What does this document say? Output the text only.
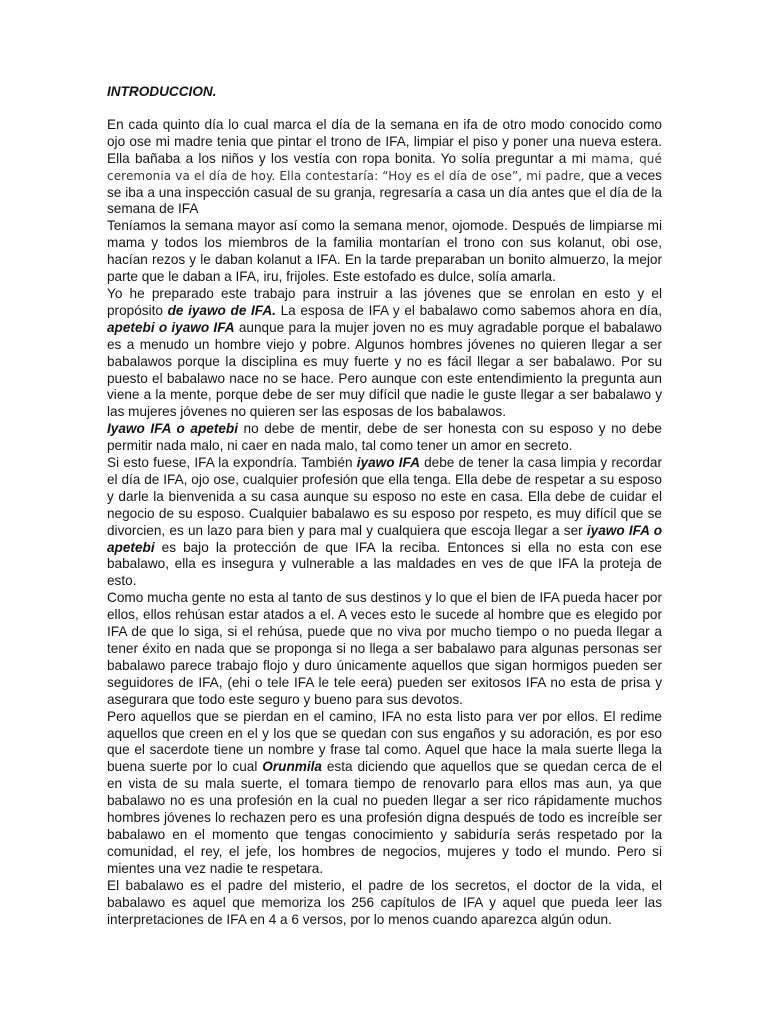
INTRODUCCION.

En cada quinto día lo cual marca el día de la semana en ifa de otro modo conocido como ojo ose mi madre tenia que pintar el trono de IFA, limpiar el piso y poner una nueva estera. Ella bañaba a los niños y los vestía con ropa bonita. Yo solía preguntar a mi mama, qué ceremonia va el día de hoy. Ella contestaría: “Hoy es el día de ose”, mi padre, que a veces se iba a una inspección casual de su granja, regresaría a casa un día antes que el día de la semana de IFA

Teníamos la semana mayor así como la semana menor, ojomode. Después de limpiarse mi mama y todos los miembros de la familia montarían el trono con sus kolanut, obi ose, hacían rezos y le daban kolanut a IFA. En la tarde preparaban un bonito almuerzo, la mejor parte que le daban a IFA, iru, frijoles. Este estofado es dulce, solía amarla.

Yo he preparado este trabajo para instruir a las jóvenes que se enrolan en esto y el propósito de iyawo de IFA. La esposa de IFA y el babalawo como sabemos ahora en día, apetebi o iyawo IFA aunque para la mujer joven no es muy agradable porque el babalawo es a menudo un hombre viejo y pobre. Algunos hombres jóvenes no quieren llegar a ser babalawos porque la disciplina es muy fuerte y no es fácil llegar a ser babalawo. Por su puesto el babalawo nace no se hace. Pero aunque con este entendimiento la pregunta aun viene a la mente, porque debe de ser muy difícil que nadie le guste llegar a ser babalawo y las mujeres jóvenes no quieren ser las esposas de los babalawos.

Iyawo IFA o apetebi no debe de mentir, debe de ser honesta con su esposo y no debe permitir nada malo, ni caer en nada malo, tal como tener un amor en secreto.

Si esto fuese, IFA la expondría. También iyawo IFA debe de tener la casa limpia y recordar el día de IFA, ojo ose, cualquier profesión que ella tenga. Ella debe de respetar a su esposo y darle la bienvenida a su casa aunque su esposo no este en casa. Ella debe de cuidar el negocio de su esposo. Cualquier babalawo es su esposo por respeto, es muy difícil que se divorcien, es un lazo para bien y para mal y cualquiera que escoja llegar a ser iyawo IFA o apetebi es bajo la protección de que IFA la reciba. Entonces si ella no esta con ese babalawo, ella es insegura y vulnerable a las maldades en ves de que IFA la proteja de esto.

Como mucha gente no esta al tanto de sus destinos y lo que el bien de IFA pueda hacer por ellos, ellos rehúsan estar atados a el. A veces esto le sucede al hombre que es elegido por IFA de que lo siga, si el rehúsa, puede que no viva por mucho tiempo o no pueda llegar a tener éxito en nada que se proponga si no llega a ser babalawo para algunas personas ser babalawo parece trabajo flojo y duro únicamente aquellos que sigan hormigos pueden ser seguidores de IFA, (ehi o tele IFA le tele eera) pueden ser exitosos IFA no esta de prisa y asegurara que todo este seguro y bueno para sus devotos.

Pero aquellos que se pierdan en el camino, IFA no esta listo para ver por ellos. El redime aquellos que creen en el y los que se quedan con sus engaños y su adoración, es por eso que el sacerdote tiene un nombre y frase tal como. Aquel que hace la mala suerte llega la buena suerte por lo cual Orunmila esta diciendo que aquellos que se quedan cerca de el en vista de su mala suerte, el tomara tiempo de renovarlo para ellos mas aun, ya que babalawo no es una profesión en la cual no pueden llegar a ser rico rápidamente muchos hombres jóvenes lo rechazen pero es una profesión digna después de todo es increíble ser babalawo en el momento que tengas conocimiento y sabiduría serás respetado por la comunidad, el rey, el jefe, los hombres de negocios, mujeres y todo el mundo. Pero si mientes una vez nadie te respetara.

El babalawo es el padre del misterio, el padre de los secretos, el doctor de la vida, el babalawo es aquel que memoriza los 256 capítulos de IFA y aquel que pueda leer las interpretaciones de IFA en 4 a 6 versos, por lo menos cuando aparezca algún odun.
